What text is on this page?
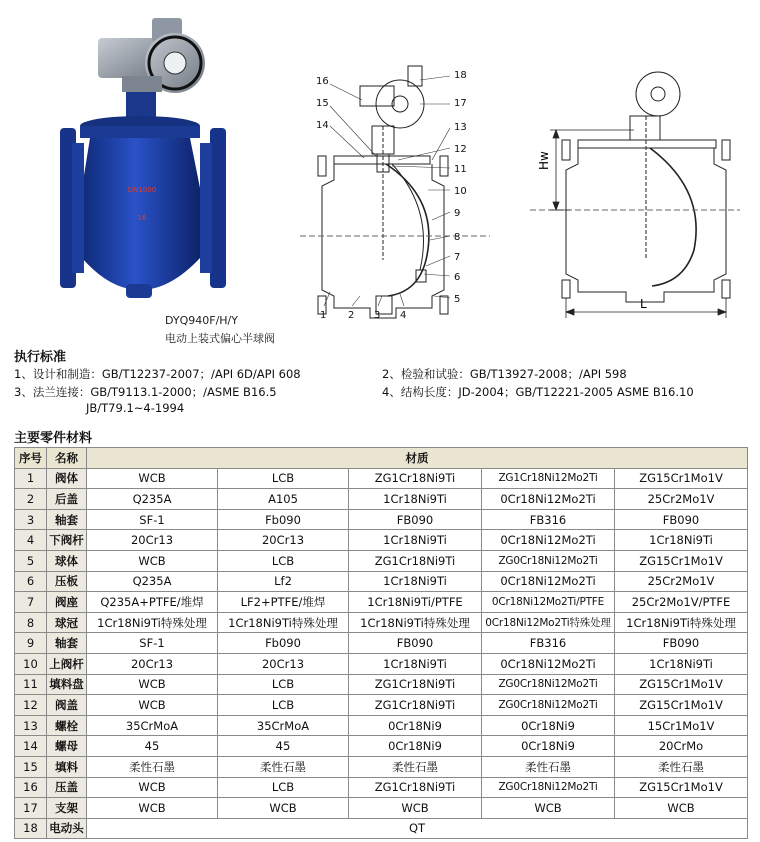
DN1000
16
DYQ940F/H/Y
电动上装式偏心半球阀
16
15
14
18
17
13
12
11
10
9
8
7
6
5
1 2 3 4
Hw
L
执行标准
1、设计和制造：GB/T12237-2007；/API 6D/API 608	2、检验和试验：GB/T13927-2008；/API 598
3、法兰连接：GB/T9113.1-2000；/ASME B16.5
JB/T79.1~4-1994
4、结构长度：JD-2004；GB/T12221-2005 ASME B16.10
主要零件材料
序号	名称	材质				
1	阀体	WCB	LCB	ZG1Cr18Ni9Ti	ZG1Cr18Ni12Mo2Ti	ZG15Cr1Mo1V
2	后盖	Q235A	A105	1Cr18Ni9Ti	0Cr18Ni12Mo2Ti	25Cr2Mo1V
3	轴套	SF-1	Fb090	FB090	FB316	FB090
4	下阀杆	20Cr13	20Cr13	1Cr18Ni9Ti	0Cr18Ni12Mo2Ti	1Cr18Ni9Ti
5	球体	WCB	LCB	ZG1Cr18Ni9Ti	ZG0Cr18Ni12Mo2Ti	ZG15Cr1Mo1V
6	压板	Q235A	Lf2	1Cr18Ni9Ti	0Cr18Ni12Mo2Ti	25Cr2Mo1V
7	阀座	Q235A+PTFE/堆焊	LF2+PTFE/堆焊	1Cr18Ni9Ti/PTFE	0Cr18Ni12Mo2Ti/PTFE	25Cr2Mo1V/PTFE
8	球冠	1Cr18Ni9Ti特殊处理	1Cr18Ni9Ti特殊处理	1Cr18Ni9Ti特殊处理	0Cr18Ni12Mo2Ti特殊处理	1Cr18Ni9Ti特殊处理
9	轴套	SF-1	Fb090	FB090	FB316	FB090
10	上阀杆	20Cr13	20Cr13	1Cr18Ni9Ti	0Cr18Ni12Mo2Ti	1Cr18Ni9Ti
11	填料盘	WCB	LCB	ZG1Cr18Ni9Ti	ZG0Cr18Ni12Mo2Ti	ZG15Cr1Mo1V
12	阀盖	WCB	LCB	ZG1Cr18Ni9Ti	ZG0Cr18Ni12Mo2Ti	ZG15Cr1Mo1V
13	螺栓	35CrMoA	35CrMoA	0Cr18Ni9	0Cr18Ni9	15Cr1Mo1V
14	螺母	45	45	0Cr18Ni9	0Cr18Ni9	20CrMo
15	填料	柔性石墨	柔性石墨	柔性石墨	柔性石墨	柔性石墨
16	压盖	WCB	LCB	ZG1Cr18Ni9Ti	ZG0Cr18Ni12Mo2Ti	ZG15Cr1Mo1V
17	支架	WCB	WCB	WCB	WCB	WCB
18	电动头	QT				
